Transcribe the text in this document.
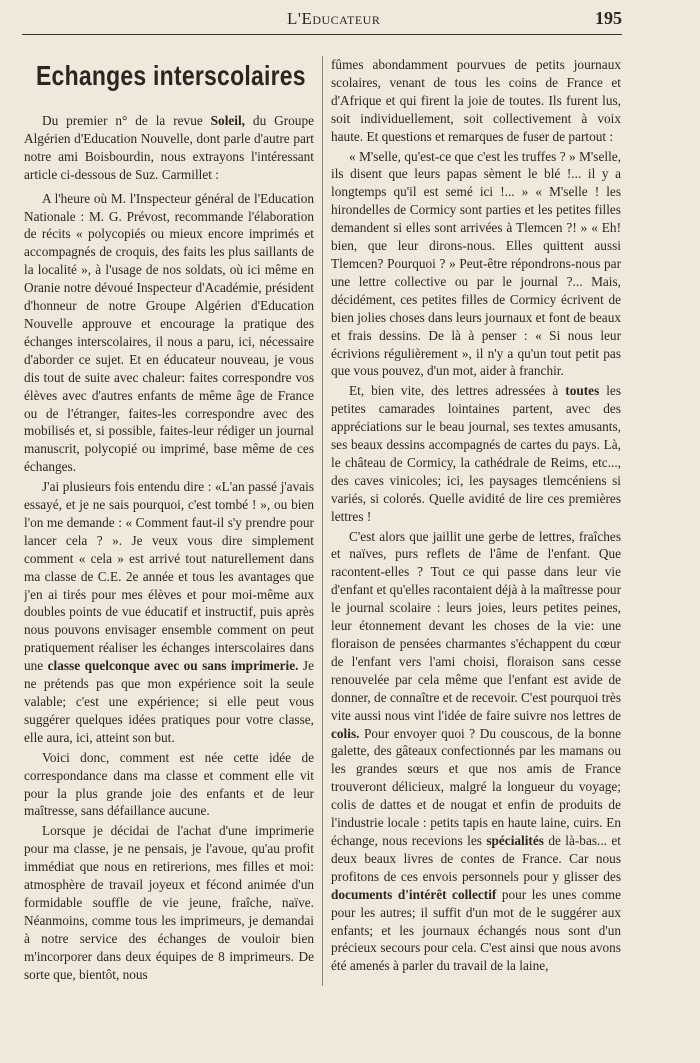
L'Educateur	195
Echanges interscolaires

Du premier n° de la revue Soleil, du Groupe Algérien d'Education Nouvelle, dont parle d'autre part notre ami Boisbourdin, nous extrayons l'intéressant article ci-dessous de Suz. Carmillet :

A l'heure où M. l'Inspecteur général de l'Education Nationale : M. G. Prévost, recommande l'élaboration de récits « polycopiés ou mieux encore imprimés et accompagnés de croquis, des faits les plus saillants de la localité », à l'usage de nos soldats, où ici même en Oranie notre dévoué Inspecteur d'Académie, président d'honneur de notre Groupe Algérien d'Education Nouvelle approuve et encourage la pratique des échanges interscolaires, il nous a paru, ici, nécessaire d'aborder ce sujet. Et en éducateur nouveau, je vous dis tout de suite avec chaleur: faites correspondre vos élèves avec d'autres enfants de même âge de France ou de l'étranger, faites-les correspondre avec des mobilisés et, si possible, faites-leur rédiger un journal manuscrit, polycopié ou imprimé, base même de ces échanges.

J'ai plusieurs fois entendu dire : «L'an passé j'avais essayé, et je ne sais pourquoi, c'est tombé ! », ou bien l'on me demande : « Comment faut-il s'y prendre pour lancer cela ? ». Je veux vous dire simplement comment « cela » est arrivé tout naturellement dans ma classe de C.E. 2e année et tous les avantages que j'en ai tirés pour mes élèves et pour moi-même aux doubles points de vue éducatif et instructif, puis après nous pouvons envisager ensemble comment on peut pratiquement réaliser les échanges interscolaires dans une classe quelconque avec ou sans imprimerie. Je ne prétends pas que mon expérience soit la seule valable; c'est une expérience; si elle peut vous suggérer quelques idées pratiques pour votre classe, elle aura, ici, atteint son but.

Voici donc, comment est née cette idée de correspondance dans ma classe et comment elle vit pour la plus grande joie des enfants et de leur maîtresse, sans défaillance aucune.

Lorsque je décidai de l'achat d'une imprimerie pour ma classe, je ne pensais, je l'avoue, qu'au profit immédiat que nous en retirerions, mes filles et moi: atmosphère de travail joyeux et fécond animée d'un formidable souffle de vie jeune, fraîche, naïve. Néanmoins, comme tous les imprimeurs, je demandai à notre service des échanges de vouloir bien m'incorporer dans deux équipes de 8 imprimeurs. De sorte que, bientôt, nous

fûmes abondamment pourvues de petits journaux scolaires, venant de tous les coins de France et d'Afrique et qui firent la joie de toutes. Ils furent lus, soit individuellement, soit collectivement à voix haute. Et questions et remarques de fuser de partout :

« M'selle, qu'est-ce que c'est les truffes ? » M'selle, ils disent que leurs papas sèment le blé !... il y a longtemps qu'il est semé ici !... » « M'selle ! les hirondelles de Cormicy sont parties et les petites filles demandent si elles sont arrivées à Tlemcen ?! » « Eh! bien, que leur dirons-nous. Elles quittent aussi Tlemcen? Pourquoi ? » Peut-être répondrons-nous par une lettre collective ou par le journal ?... Mais, décidément, ces petites filles de Cormicy écrivent de bien jolies choses dans leurs journaux et font de beaux et frais dessins. De là à penser : « Si nous leur écrivions régulièrement », il n'y a qu'un tout petit pas que vous pouvez, d'un mot, aider à franchir.

Et, bien vite, des lettres adressées à toutes les petites camarades lointaines partent, avec des appréciations sur le beau journal, ses textes amusants, ses beaux dessins accompagnés de cartes du pays. Là, le château de Cormicy, la cathédrale de Reims, etc..., des caves vinicoles; ici, les paysages tlemcéniens si variés, si colorés. Quelle avidité de lire ces premières lettres !

C'est alors que jaillit une gerbe de lettres, fraîches et naïves, purs reflets de l'âme de l'enfant. Que racontent-elles ? Tout ce qui passe dans leur vie d'enfant et qu'elles racontaient déjà à la maîtresse pour le journal scolaire : leurs joies, leurs petites peines, leur étonnement devant les choses de la vie: une floraison de pensées charmantes s'échappent du cœur de l'enfant vers l'ami choisi, floraison sans cesse renouvelée par cela même que l'enfant est avide de donner, de connaître et de recevoir. C'est pourquoi très vite aussi nous vint l'idée de faire suivre nos lettres de colis. Pour envoyer quoi ? Du couscous, de la bonne galette, des gâteaux confectionnés par les mamans ou les grandes sœurs et que nos amis de France trouveront délicieux, malgré la longueur du voyage; colis de dattes et de nougat et enfin de produits de l'industrie locale : petits tapis en haute laine, cuirs. En échange, nous recevions les spécialités de là-bas... et deux beaux livres de contes de France. Car nous profitons de ces envois personnels pour y glisser des documents d'intérêt collectif pour les unes comme pour les autres; il suffit d'un mot de le suggérer aux enfants; et les journaux échangés nous sont d'un précieux secours pour cela. C'est ainsi que nous avons été amenés à parler du travail de la laine,
